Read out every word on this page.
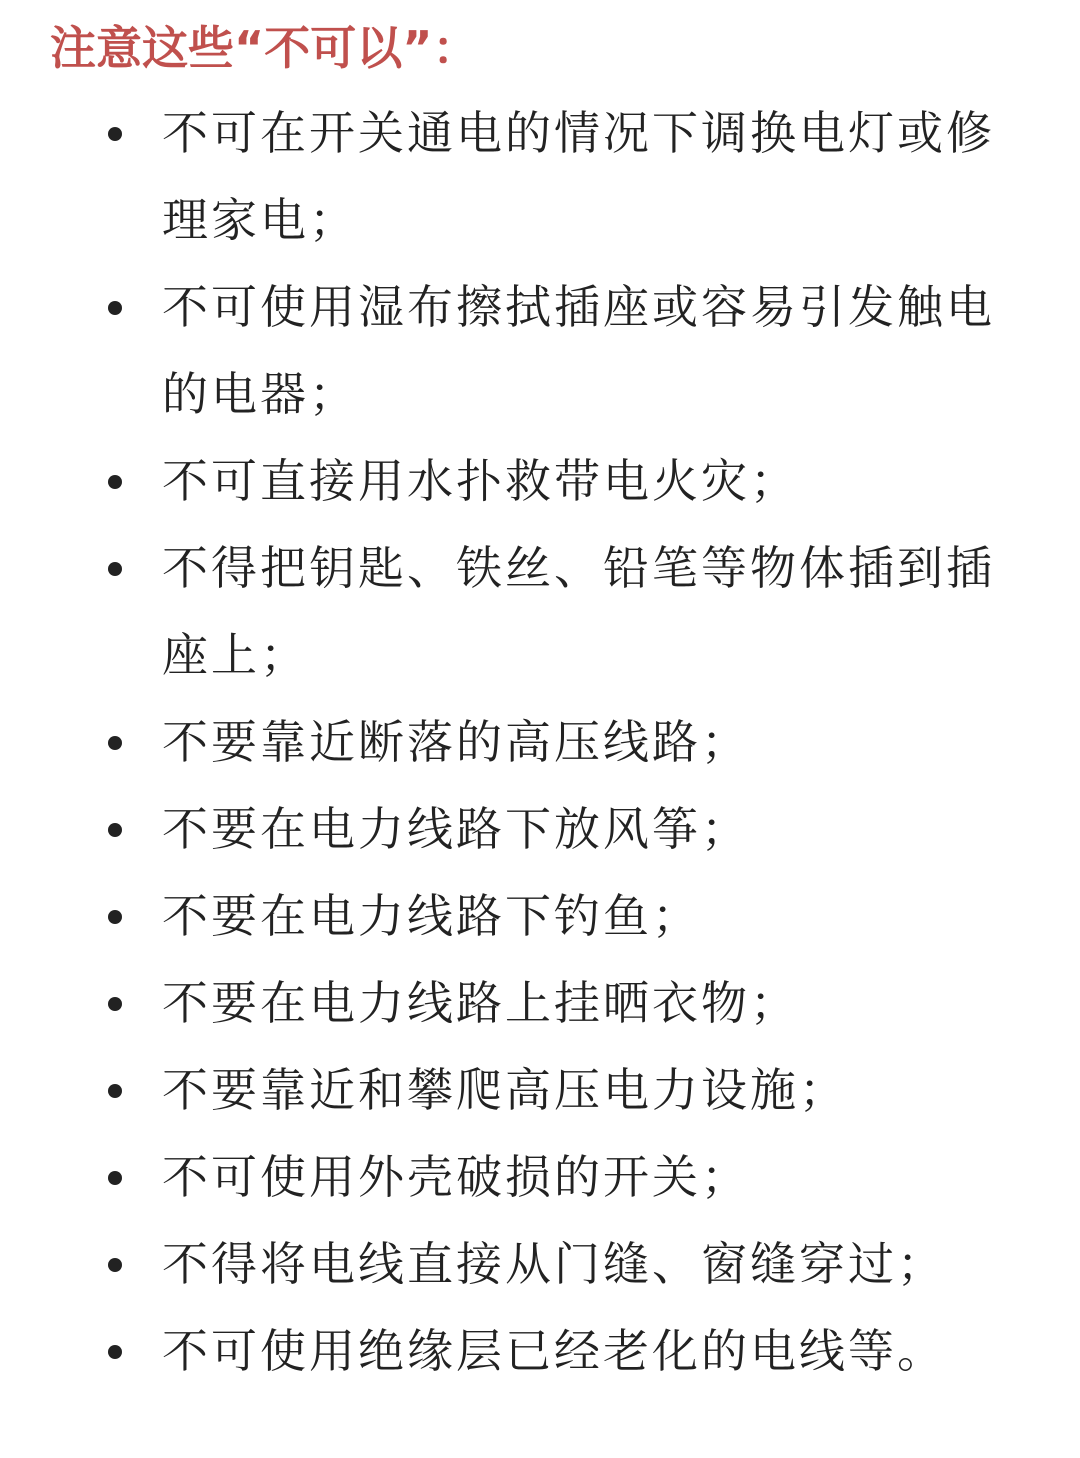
注意这些“不可以”：
不可在开关通电的情况下调换电灯或修理家电；
不可使用湿布擦拭插座或容易引发触电的电器；
不可直接用水扑救带电火灾；
不得把钥匙、铁丝、铅笔等物体插到插座上；
不要靠近断落的高压线路；
不要在电力线路下放风筝；
不要在电力线路下钓鱼；
不要在电力线路上挂晒衣物；
不要靠近和攀爬高压电力设施；
不可使用外壳破损的开关；
不得将电线直接从门缝、窗缝穿过；
不可使用绝缘层已经老化的电线等。
